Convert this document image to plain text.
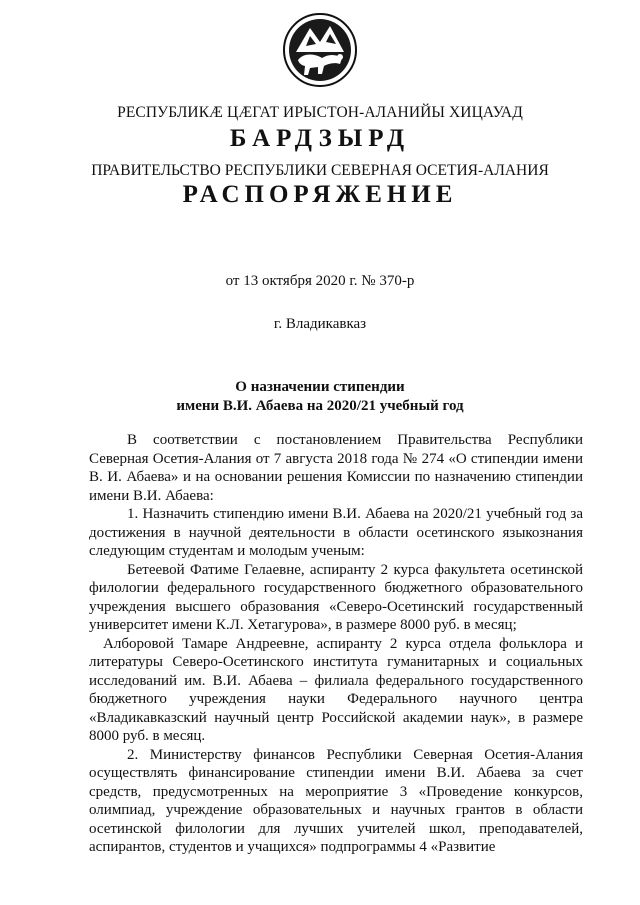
РЕСПУБЛИКÆ ЦÆГАТ ИРЫСТОН-АЛАНИЙЫ ХИЦАУАД
БАРДЗЫРД
ПРАВИТЕЛЬСТВО РЕСПУБЛИКИ СЕВЕРНАЯ ОСЕТИЯ-АЛАНИЯ
РАСПОРЯЖЕНИЕ
от 13 октября 2020 г. № 370-р
г. Владикавказ
О назначении стипендии
имени В.И. Абаева на 2020/21 учебный год

В соответствии с постановлением Правительства Республики Северная Осетия-Алания от 7 августа 2018 года № 274 «О стипендии имени В. И. Абаева» и на основании решения Комиссии по назначению стипендии имени В.И. Абаева:

1. Назначить стипендию имени В.И. Абаева на 2020/21 учебный год за достижения в научной деятельности в области осетинского языкознания следующим студентам и молодым ученым:

Бетеевой Фатиме Гелаевне, аспиранту 2 курса факультета осетинской филологии федерального государственного бюджетного образовательного учреждения высшего образования «Северо-Осетинский государственный университет имени К.Л. Хетагурова», в размере 8000 руб. в месяц;

Алборовой Тамаре Андреевне, аспиранту 2 курса отдела фольклора и литературы Северо-Осетинского института гуманитарных и социальных исследований им. В.И. Абаева – филиала федерального государственного бюджетного учреждения науки Федерального научного центра «Владикавказский научный центр Российской академии наук», в размере 8000 руб. в месяц.

2. Министерству финансов Республики Северная Осетия-Алания осуществлять финансирование стипендии имени В.И. Абаева за счет средств, предусмотренных на мероприятие 3 «Проведение конкурсов, олимпиад, учреждение образовательных и научных грантов в области осетинской филологии для лучших учителей школ, преподавателей, аспирантов, студентов и учащихся» подпрограммы 4 «Развитие
